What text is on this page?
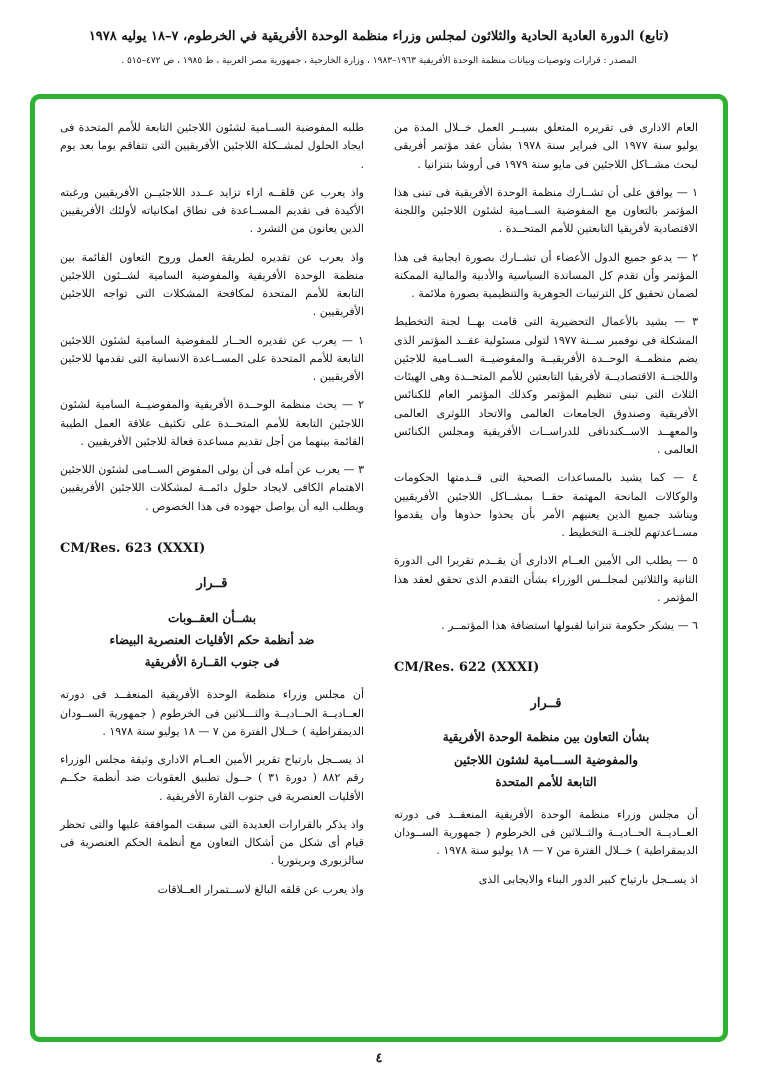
(تابع) الدورة العادية الحادية والثلاثون لمجلس وزراء منظمة الوحدة الأفريقية في الخرطوم، ٧–١٨ يوليه ١٩٧٨
المصدر : قرارات وتوصيات وبيانات منظمة الوحدة الأفريقية ١٩٦٣–١٩٨٣ ، وزارة الخارجية ، جمهورية مصر العربية ، ط ١٩٨٥ ، ص ٤٧٢–٥١٥ .

العام الادارى فى تقريره المتعلق بسيــر العمل خــلال المدة من يوليو سنة ١٩٧٧ الى فبراير سنة ١٩٧٨ بشأن عقد مؤتمر أفريقى لبحث مشــاكل اللاجئين فى مايو سنة ١٩٧٩ فى أروشا بتنزانيا .

١ — يوافق على أن تشــارك منظمة الوحدة الأفريقية فى تبنى هذا المؤتمر بالتعاون مع المفوضية الســامية لشئون اللاجئين واللجنة الاقتصادية لأفريقيا التابعتين للأمم المتحــدة .

٢ — يدعو جميع الدول الأعضاء أن تشــارك بصورة ايجابية فى هذا المؤتمر وأن تقدم كل المساندة السياسية والأدبية والمالية الممكنة لضمان تحقيق كل الترتيبات الجوهرية والتنظيمية بصورة ملائمة .

٣ — يشيد بالأعمال التحضيرية التى قامت بهــا لجنة التخطيط المشكلة فى نوفمبر ســنة ١٩٧٧ لتولى مسئولية عقــد المؤتمر الذى يضم منظمــة الوحــدة الأفريقيــة والمفوضيــة الســامية للاجئين واللجنــة الاقتصاديــة لأفريقيا التابعتين للأمم المتحــدة وهى الهيئات الثلاث التى تبنى تنظيم المؤتمر وكذلك المؤتمر العام للكنائس الأفريقية وصندوق الجامعات العالمى والاتحاد اللوثرى العالمى والمعهــد الاســكندنافى للدراســات الأفريقية ومجلس الكنائس العالمى .

٤ — كما يشيد بالمساعدات الصحية التى قــدمتها الحكومات والوكالات المانحة المهتمة حقــا بمشــاكل اللاجئين الأفريقيين ويناشد جميع الذين يعنيهم الأمر بأن يحذوا حذوها وأن يقدموا مســاعدتهم للجنــة التخطيط .

٥ — يطلب الى الأمين العــام الادارى أن يقــدم تقريرا الى الدورة الثانية والثلاثين لمجلــس الوزراء بشأن التقدم الذى تحقق لعقد هذا المؤتمر .

٦ — يشكر حكومة تنزانيا لقبولها استضافة هذا المؤتمــر .

CM/Res. 622 (XXXI)

قــرار

بشأن التعاون بين منظمة الوحدة الأفريقية

والمفوضية الســـامية لشئون اللاجئين

التابعة للأمم المتحدة

أن مجلس وزراء منظمة الوحدة الأفريقية المنعقــد فى دورته العــاديــة الحــاديــة والثــلاثين فى الخرطوم ( جمهورية الســودان الديمقراطية ) خــلال الفترة من ٧ — ١٨ يوليو سنة ١٩٧٨ .

اذ يســجل بارتياح كبير الدور البناء والايجابى الذى

طلبه المفوضية الســامية لشئون اللاجئين التابعة للأمم المتحدة فى ايجاد الحلول لمشــكلة اللاجئين الأفريقيين التى تتفاقم يوما بعد يوم .

واذ يعرب عن قلقــه ازاء تزايد عــدد اللاجئيــن الأفريقيين ورغبته الأكيدة فى تقديم المســاعدة فى نطاق امكانياته لأولئك الأفريقيين الذين يعانون من التشرد .

واذ يعرب عن تقديره لطريقة العمل وروح التعاون القائمة بين منظمة الوحدة الأفريقية والمفوضية السامية لشــئون اللاجئين التابعة للأمم المتحدة لمكافحة المشكلات التى تواجه اللاجئين الأفريقيين .

١ — يعرب عن تقديره الحــار للمفوضية السامية لشئون اللاجئين التابعة للأمم المتحدة على المســاعدة الانسانية التى تقدمها للاجئين الأفريقيين .

٢ — يحث منظمة الوحــدة الأفريقية والمفوضيــة السامية لشئون اللاجئين التابعة للأمم المتحــدة على تكثيف علاقة العمل الطيبة القائمة بينهما من أجل تقديم مساعدة فعالة للاجئين الأفريقيين .

٣ — يعرب عن أمله فى أن يولى المفوض الســامى لشئون اللاجئين الاهتمام الكافى لايجاد حلول دائمــة لمشكلات اللاجئين الأفريقيين ويطلب اليه أن يواصل جهوده فى هذا الخصوص .

CM/Res. 623 (XXXI)

قــرار

بشــأن العقــوبات

ضد أنظمة حكم الأقليات العنصرية البيضاء

فى جنوب القــارة الأفريقية

أن مجلس وزراء منظمة الوحدة الأفريقية المنعقــد فى دورته العــاديــة الحــاديــة والثـــلاثين فى الخرطوم ( جمهورية الســودان الديمقراطية ) خــلال الفترة من ٧ — ١٨ يوليو سنة ١٩٧٨ .

اذ يســجل بارتياح تقرير الأمين العــام الادارى وثيقة مجلس الوزراء رقم ٨٨٢ ( دورة ٣١ ) حــول تطبيق العقوبات ضد أنظمة حكــم الأقليات العنصرية فى جنوب القارة الأفريقية .

واذ يذكر بالقرارات العديدة التى سبقت الموافقة عليها والتى تحظر قيام أى شكل من أشكال التعاون مع أنظمة الحكم العنصرية فى سالزبورى وبريتوريا .

واذ يعرب عن قلقه البالغ لاســتمرار العــلاقات

٤
